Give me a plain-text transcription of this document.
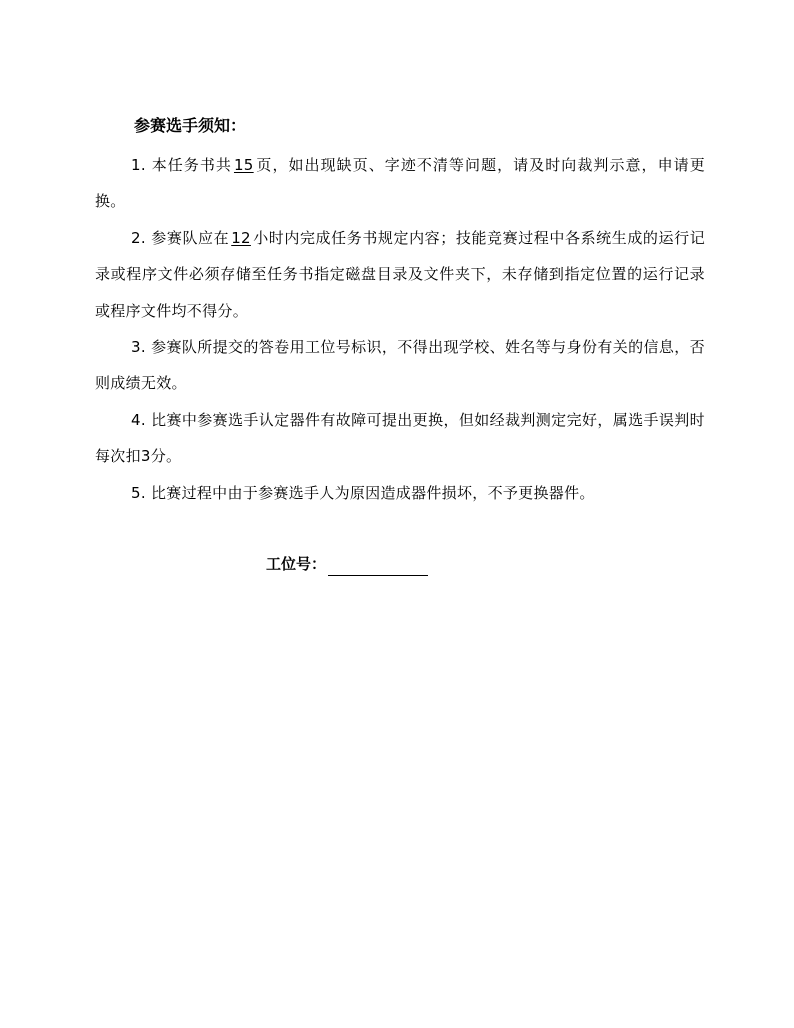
参赛选手须知：

1. 本任务书共 15 页，如出现缺页、字迹不清等问题，请及时向裁判示意，申请更换。

2. 参赛队应在 12 小时内完成任务书规定内容；技能竞赛过程中各系统生成的运行记录或程序文件必须存储至任务书指定磁盘目录及文件夹下，未存储到指定位置的运行记录或程序文件均不得分。

3. 参赛队所提交的答卷用工位号标识，不得出现学校、姓名等与身份有关的信息，否则成绩无效。

4. 比赛中参赛选手认定器件有故障可提出更换，但如经裁判测定完好，属选手误判时每次扣3分。

5. 比赛过程中由于参赛选手人为原因造成器件损坏，不予更换器件。

工位号：
